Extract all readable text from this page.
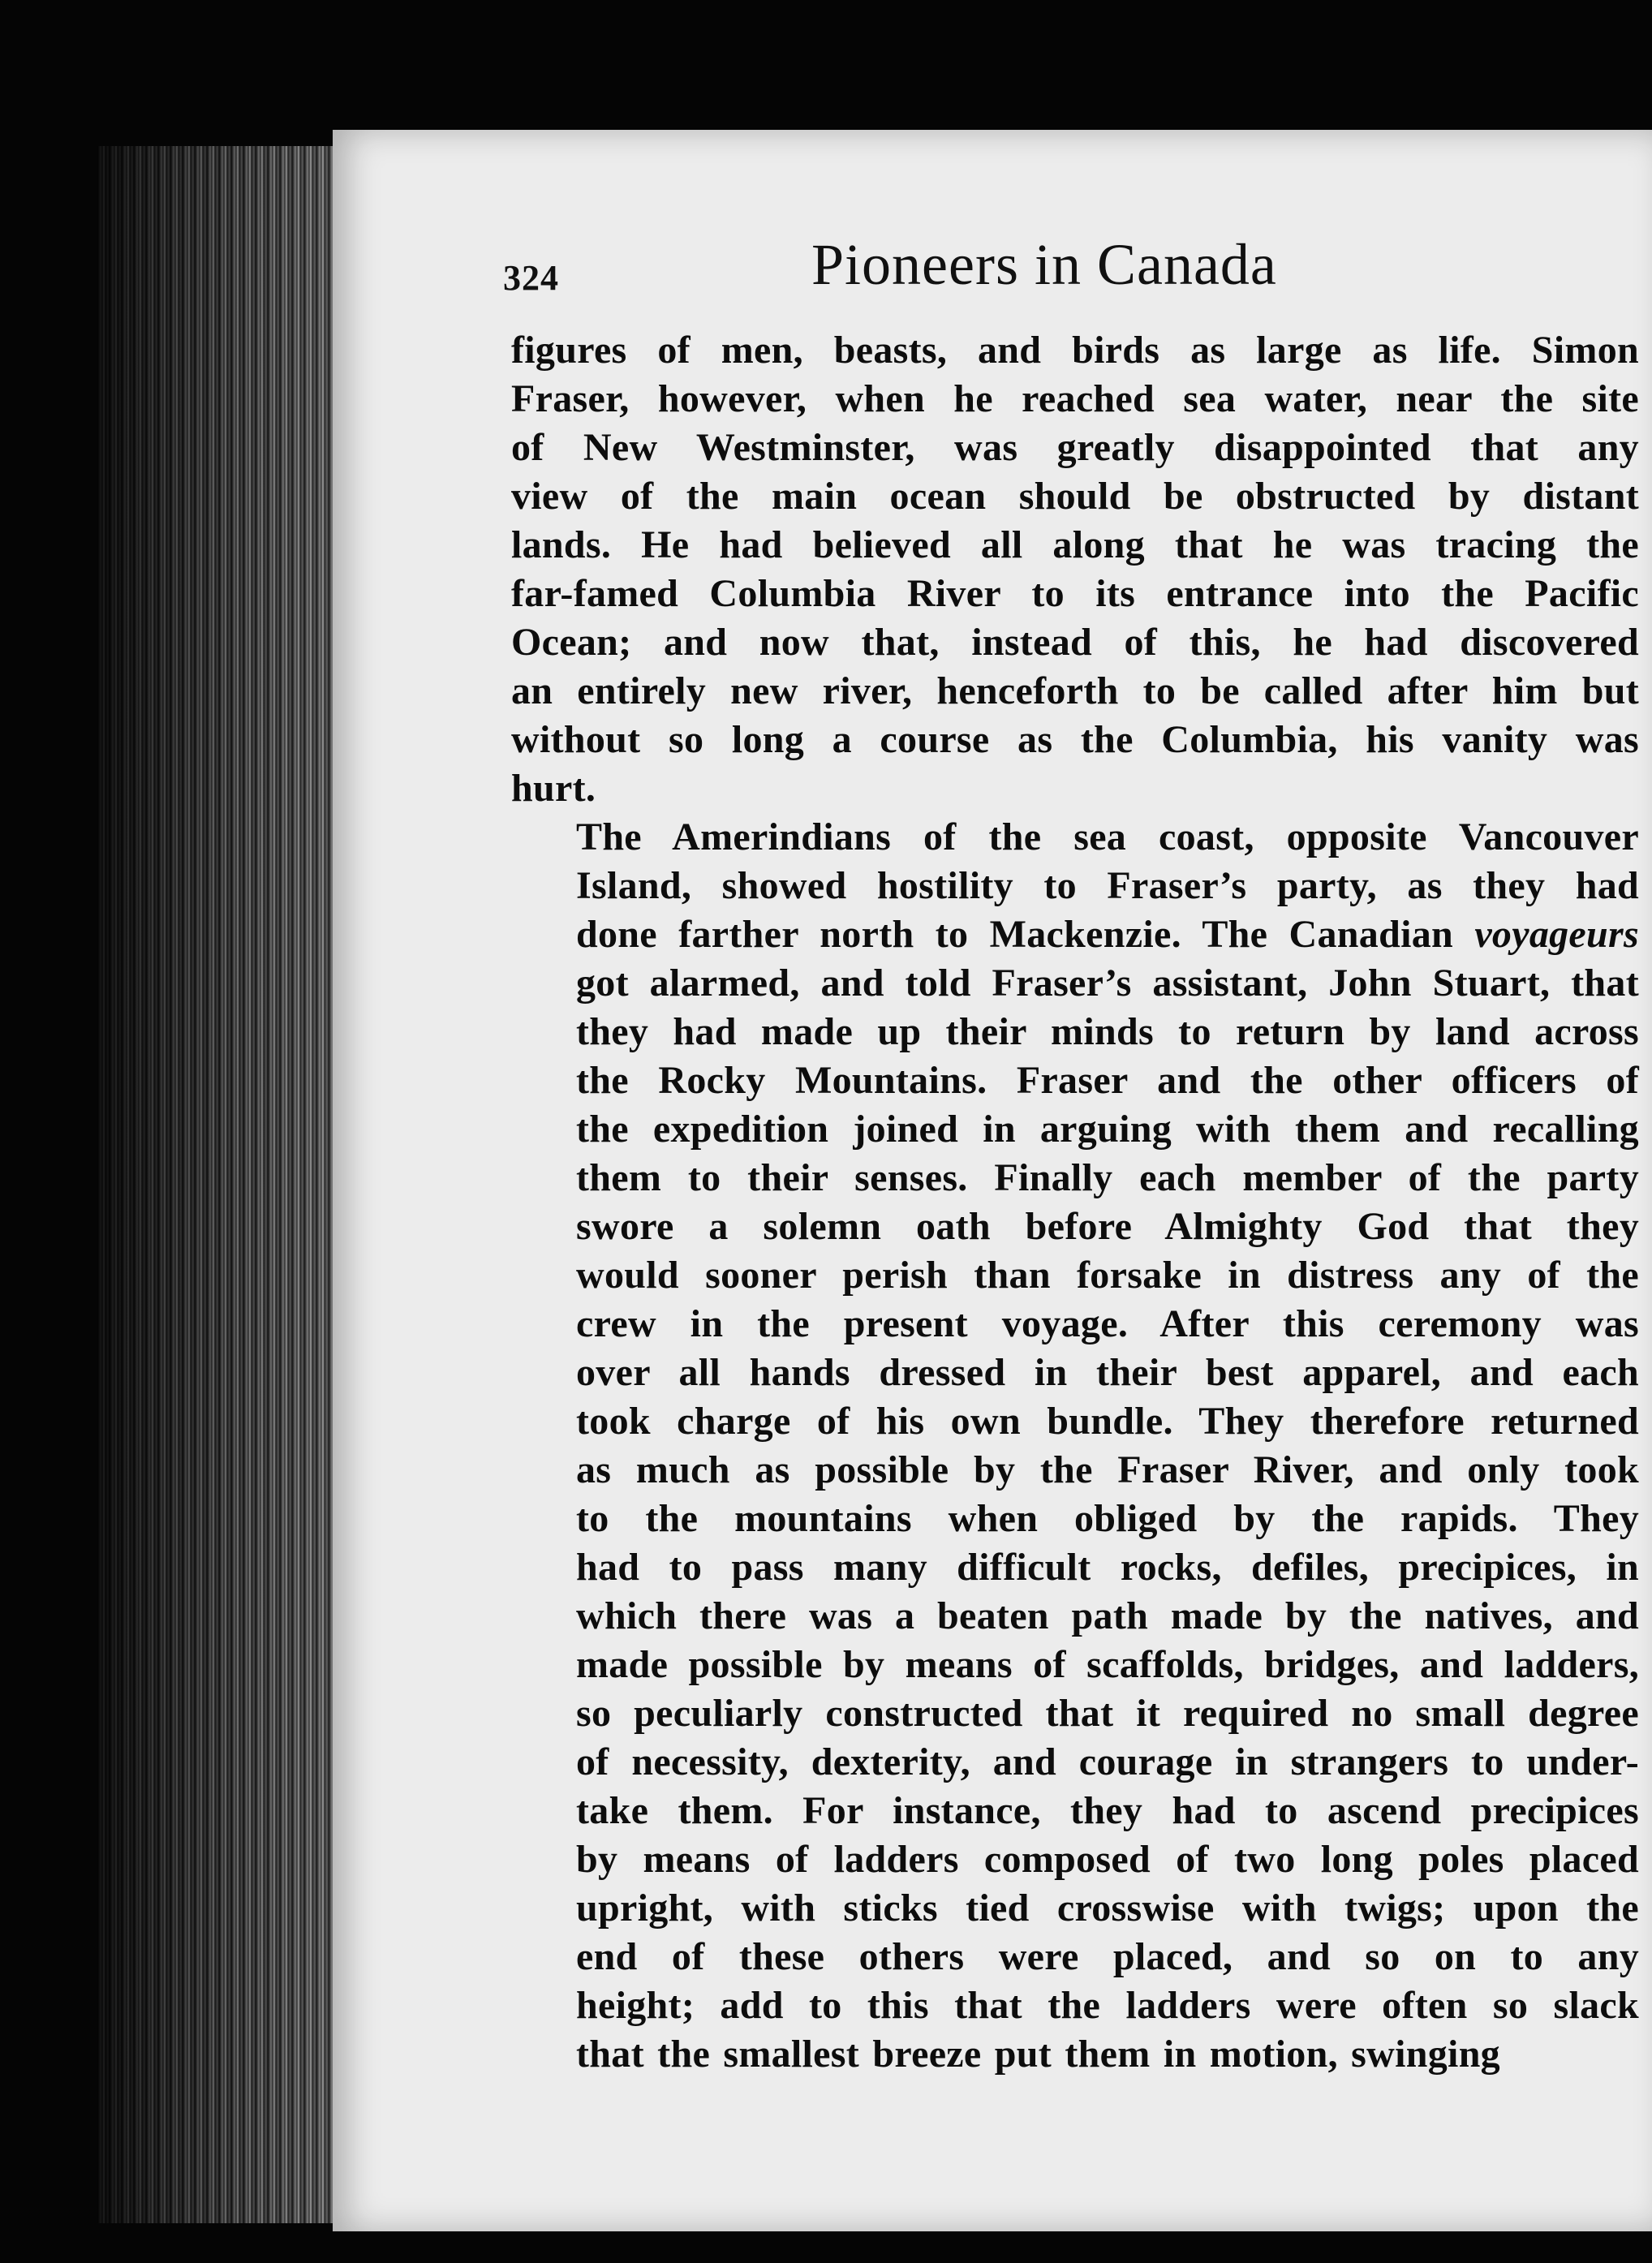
324	Pioneers in Canada
figures of men, beasts, and birds as large as life. Simon
Fraser, however, when he reached sea water, near the site
of New Westminster, was greatly disappointed that any
view of the main ocean should be obstructed by distant
lands. He had believed all along that he was tracing the
far-famed Columbia River to its entrance into the Pacific
Ocean; and now that, instead of this, he had discovered
an entirely new river, henceforth to be called after him but
without so long a course as the Columbia, his vanity was
hurt.
The Amerindians of the sea coast, opposite Vancouver
Island, showed hostility to Fraser’s party, as they had
done farther north to Mackenzie. The Canadian voyageurs
got alarmed, and told Fraser’s assistant, John Stuart, that
they had made up their minds to return by land across
the Rocky Mountains. Fraser and the other officers of
the expedition joined in arguing with them and recalling
them to their senses. Finally each member of the party
swore a solemn oath before Almighty God that they
would sooner perish than forsake in distress any of the
crew in the present voyage. After this ceremony was
over all hands dressed in their best apparel, and each
took charge of his own bundle. They therefore returned
as much as possible by the Fraser River, and only took
to the mountains when obliged by the rapids. They
had to pass many difficult rocks, defiles, precipices, in
which there was a beaten path made by the natives, and
made possible by means of scaffolds, bridges, and ladders,
so peculiarly constructed that it required no small degree
of necessity, dexterity, and courage in strangers to under-
take them. For instance, they had to ascend precipices
by means of ladders composed of two long poles placed
upright, with sticks tied crosswise with twigs; upon the
end of these others were placed, and so on to any
height; add to this that the ladders were often so slack
that the smallest breeze put them in motion, swinging
